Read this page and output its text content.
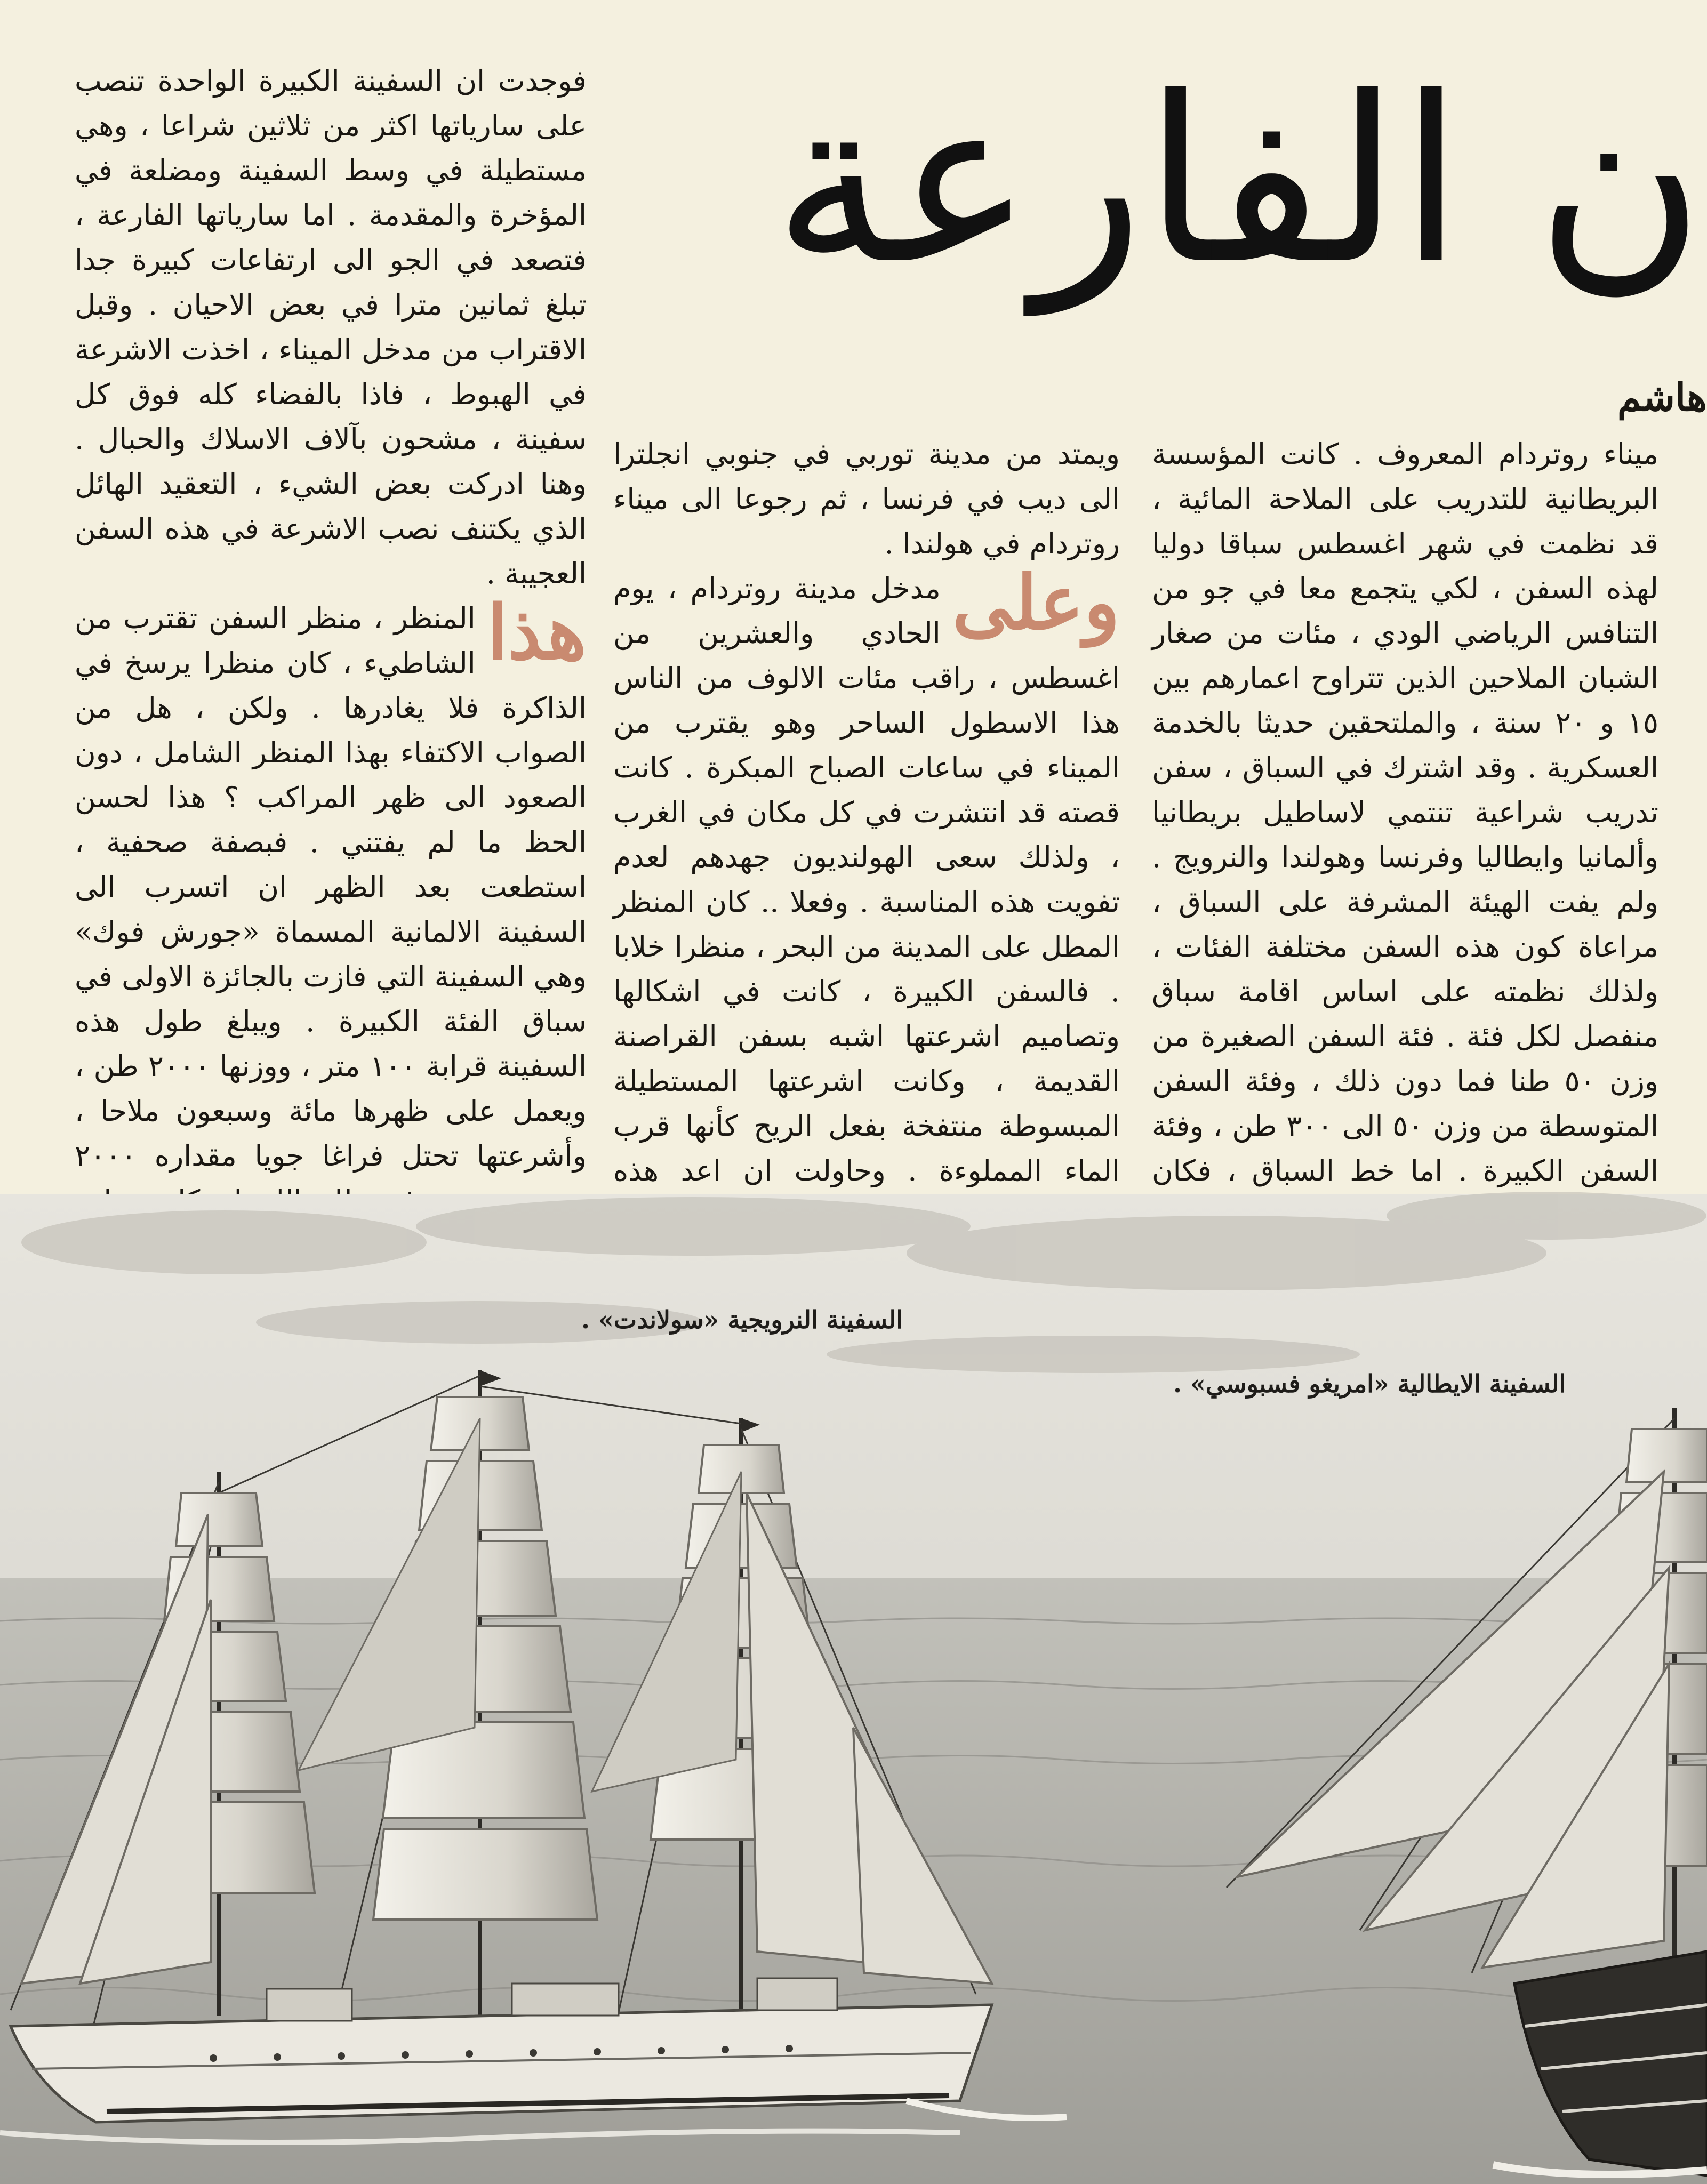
ن الفارعة
هاشم
ميناء روتردام المعروف . كانت المؤسسة البريطانية للتدريب على الملاحة المائية ، قد نظمت في شهر اغسطس سباقا دوليا لهذه السفن ، لكي يتجمع معا في جو من التنافس الرياضي الودي ، مئات من صغار الشبان الملاحين الذين تتراوح اعمارهم بين ١٥ و ٢٠ سنة ، والملتحقين حديثا بالخدمة العسكرية . وقد اشترك في السباق ، سفن تدريب شراعية تنتمي لاساطيل بريطانيا وألمانيا وايطاليا وفرنسا وهولندا والنرويج . ولم يفت الهيئة المشرفة على السباق ، مراعاة كون هذه السفن مختلفة الفئات ، ولذلك نظمته على اساس اقامة سباق منفصل لكل فئة . فئة السفن الصغيرة من وزن ٥٠ طنا فما دون ذلك ، وفئة السفن المتوسطة من وزن ٥٠ الى ٣٠٠ طن ، وفئة السفن الكبيرة . اما خط السباق ، فكان
ويمتد من مدينة توربي في جنوبي انجلترا الى ديب في فرنسا ، ثم رجوعا الى ميناء روتردام في هولندا .
وعلى
مدخل مدينة روتردام ، يوم الحادي والعشرين من اغسطس ، راقب مئات الالوف من الناس هذا الاسطول الساحر وهو يقترب من الميناء في ساعات الصباح المبكرة . كانت قصته قد انتشرت في كل مكان في الغرب ، ولذلك سعى الهولنديون جهدهم لعدم تفويت هذه المناسبة . وفعلا .. كان المنظر المطل على المدينة من البحر ، منظرا خلابا . فالسفن الكبيرة ، كانت في اشكالها وتصاميم اشرعتها اشبه بسفن القراصنة القديمة ، وكانت اشرعتها المستطيلة المبسوطة منتفخة بفعل الريح كأنها قرب الماء المملوءة . وحاولت ان اعد هذه
فوجدت ان السفينة الكبيرة الواحدة تنصب على سارياتها اكثر من ثلاثين شراعا ، وهي مستطيلة في وسط السفينة ومضلعة في المؤخرة والمقدمة . اما سارياتها الفارعة ، فتصعد في الجو الى ارتفاعات كبيرة جدا تبلغ ثمانين مترا في بعض الاحيان . وقبل الاقتراب من مدخل الميناء ، اخذت الاشرعة في الهبوط ، فاذا بالفضاء كله فوق كل سفينة ، مشحون بآلاف الاسلاك والحبال . وهنا ادركت بعض الشيء ، التعقيد الهائل الذي يكتنف نصب الاشرعة في هذه السفن العجيبة .
هذا
المنظر ، منظر السفن تقترب من الشاطيء ، كان منظرا يرسخ في الذاكرة فلا يغادرها . ولكن ، هل من الصواب الاكتفاء بهذا المنظر الشامل ، دون الصعود الى ظهر المراكب ؟ هذا لحسن الحظ ما لم يفتني . فبصفة صحفية ، استطعت بعد الظهر ان اتسرب الى السفينة الالمانية المسماة «جورش فوك» وهي السفينة التي فازت بالجائزة الاولى في سباق الفئة الكبيرة . ويبلغ طول هذه السفينة قرابة ١٠٠ متر ، ووزنها ٢٠٠٠ طن ، ويعمل على ظهرها مائة وسبعون ملاحا ، وأشرعتها تحتل فراغا جويا مقداره ٢٠٠٠
السفينة النرويجية «سولاندت» .
السفينة الايطالية «امريغو فسبوسي» .
